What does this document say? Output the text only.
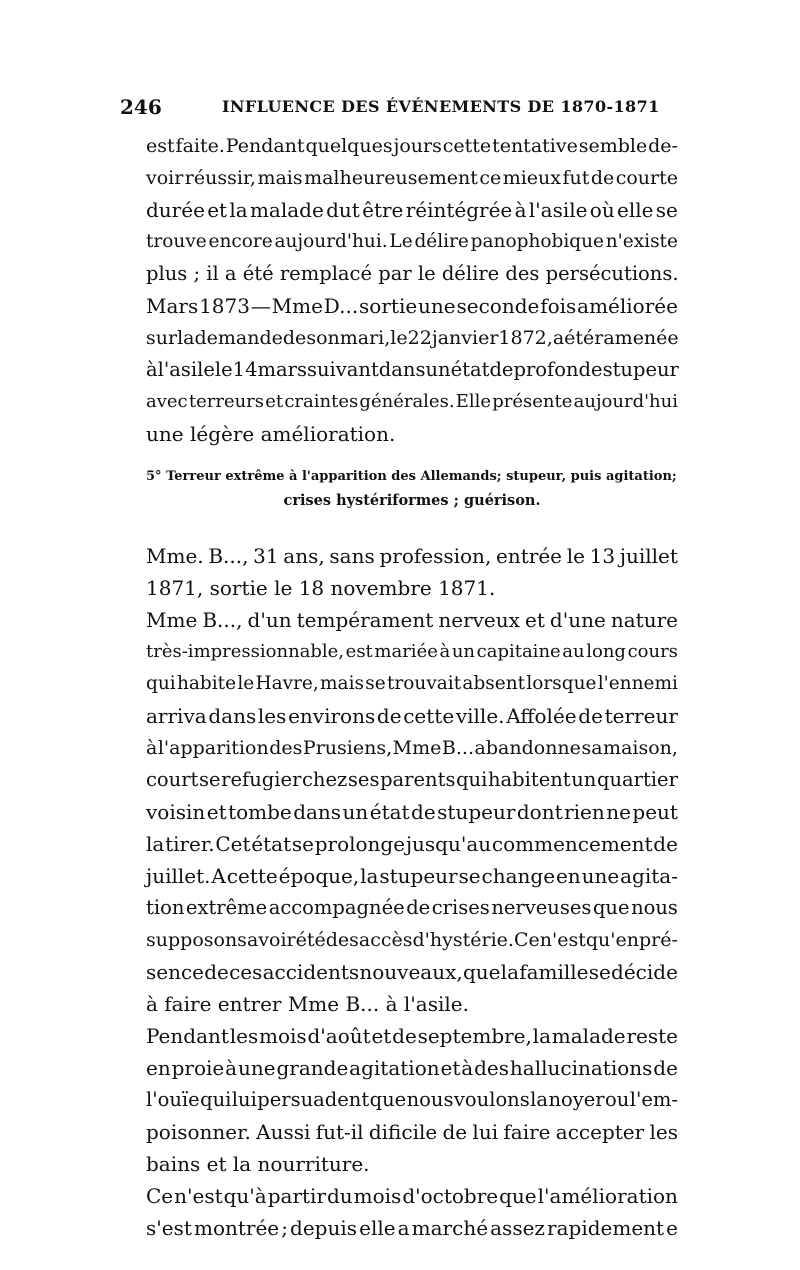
246	INFLUENCE DES ÉVÉNEMENTS DE 1870-1871
est faite. Pendant quelques jours cette tentative semble de-
voir réussir, mais malheureusement ce mieux fut de courte
durée et la malade dut être réintégrée à l'asile où elle se
trouve encore aujourd'hui. Le délire panophobique n'existe
plus ; il a été remplacé par le délire des persécutions.
Mars 1873 — Mme D... sortie une seconde fois améliorée
sur la demande de son mari, le 22 janvier 1872, a été ramenée
à l'asile le 14 mars suivant dans un état de profonde stupeur
avec terreurs et craintes générales. Elle présente aujourd'hui
une légère amélioration.
5° Terreur extrême à l'apparition des Allemands; stupeur, puis agitation;
crises hystériformes ; guérison.
Mme. B..., 31 ans, sans profession, entrée le 13 juillet
1871, sortie le 18 novembre 1871.
Mme B..., d'un tempérament nerveux et d'une nature
très-impressionnable, est mariée à un capitaine au long cours
qui habite le Havre, mais se trouvait absent lorsque l'ennemi
arriva dans les environs de cette ville. Affolée de terreur
à l'apparition des Prusiens, Mme B... abandonne sa maison,
court se refugier chez ses parents qui habitent un quartier
voisin et tombe dans un état de stupeur dont rien ne peut
la tirer. Cet état se prolonge jusqu'au commencement de
juillet. A cette époque, la stupeur se change en une agita-
tion extrême accompagnée de crises nerveuses que nous
supposons avoir été des accès d'hystérie. Ce n'est qu'en pré-
sence de ces accidents nouveaux, que la famille se décide
à faire entrer Mme B... à l'asile.
Pendant les mois d'août et de septembre, la malade reste
en proie à une grande agitation et à des hallucinations de
l'ouïe qui lui persuadent que nous voulons la noyer ou l'em-
poisonner. Aussi fut-il dificile de lui faire accepter les
bains et la nourriture.
Ce n'est qu'à partir du mois d'octobre que l'amélioration
s'est montrée ; depuis elle a marché assez rapidement e
